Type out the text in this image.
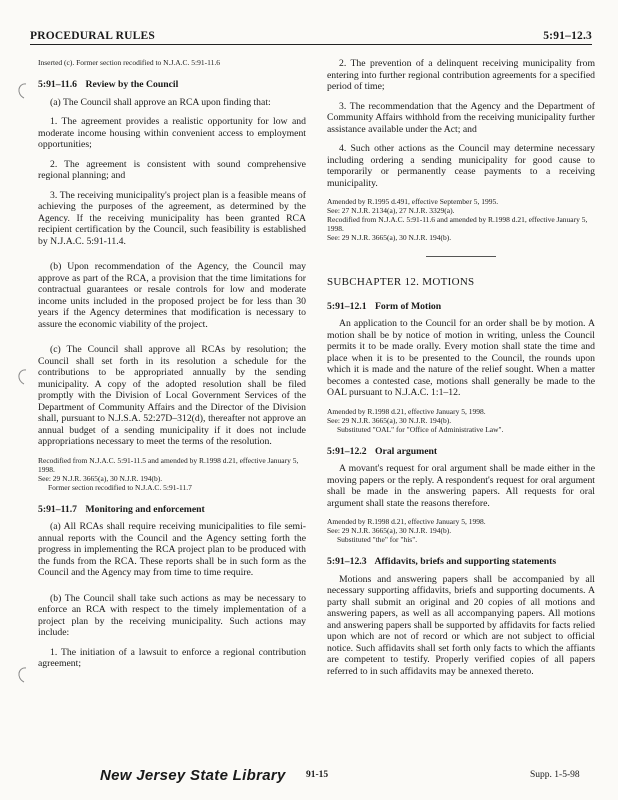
PROCEDURAL RULES	5:91–12.3
Inserted (c). Former section recodified to N.J.A.C. 5:91-11.6
5:91–11.6 Review by the Council

(a) The Council shall approve an RCA upon finding that:

1. The agreement provides a realistic opportunity for low and moderate income housing within convenient access to employment opportunities;

2. The agreement is consistent with sound comprehensive regional planning; and

3. The receiving municipality's project plan is a feasible means of achieving the purposes of the agreement, as determined by the Agency. If the receiving municipality has been granted RCA recipient certification by the Council, such feasibility is established by N.J.A.C. 5:91-11.4.

(b) Upon recommendation of the Agency, the Council may approve as part of the RCA, a provision that the time limitations for contractual guarantees or resale controls for low and moderate income units included in the proposed project be for less than 30 years if the Agency determines that modification is necessary to assure the economic viability of the project.

(c) The Council shall approve all RCAs by resolution; the Council shall set forth in its resolution a schedule for the contributions to be appropriated annually by the sending municipality. A copy of the adopted resolution shall be filed promptly with the Division of Local Government Services of the Department of Community Affairs and the Director of the Division shall, pursuant to N.J.S.A. 52:27D–312(d), thereafter not approve an annual budget of a sending municipality if it does not include appropriations necessary to meet the terms of the resolution.

Recodified from N.J.A.C. 5:91-11.5 and amended by R.1998 d.21, effective January 5, 1998.
See: 29 N.J.R. 3665(a), 30 N.J.R. 194(b).
Former section recodified to N.J.A.C. 5:91-11.7
5:91–11.7 Monitoring and enforcement

(a) All RCAs shall require receiving municipalities to file semi-annual reports with the Council and the Agency setting forth the progress in implementing the RCA project plan to be produced with the funds from the RCA. These reports shall be in such form as the Council and the Agency may from time to time require.

(b) The Council shall take such actions as may be necessary to enforce an RCA with respect to the timely implementation of a project plan by the receiving municipality. Such actions may include:

1. The initiation of a lawsuit to enforce a regional contribution agreement;

2. The prevention of a delinquent receiving municipality from entering into further regional contribution agreements for a specified period of time;

3. The recommendation that the Agency and the Department of Community Affairs withhold from the receiving municipality further assistance available under the Act; and

4. Such other actions as the Council may determine necessary including ordering a sending municipality for good cause to temporarily or permanently cease payments to a receiving municipality.

Amended by R.1995 d.491, effective September 5, 1995.
See: 27 N.J.R. 2134(a), 27 N.J.R. 3329(a).
Recodified from N.J.A.C. 5:91-11.6 and amended by R.1998 d.21, effective January 5, 1998.
See: 29 N.J.R. 3665(a), 30 N.J.R. 194(b).
SUBCHAPTER 12. MOTIONS
5:91–12.1 Form of Motion

An application to the Council for an order shall be by motion. A motion shall be by notice of motion in writing, unless the Council permits it to be made orally. Every motion shall state the time and place when it is to be presented to the Council, the rounds upon which it is made and the nature of the relief sought. When a matter becomes a contested case, motions shall generally be made to the OAL pursuant to N.J.A.C. 1:1–12.

Amended by R.1998 d.21, effective January 5, 1998.
See: 29 N.J.R. 3665(a), 30 N.J.R. 194(b).
Substituted "OAL" for "Office of Administrative Law".
5:91–12.2 Oral argument

A movant's request for oral argument shall be made either in the moving papers or the reply. A respondent's request for oral argument shall be made in the answering papers. All requests for oral argument shall state the reasons therefore.

Amended by R.1998 d.21, effective January 5, 1998.
See: 29 N.J.R. 3665(a), 30 N.J.R. 194(b).
Substituted "the" for "his".
5:91–12.3 Affidavits, briefs and supporting statements

Motions and answering papers shall be accompanied by all necessary supporting affidavits, briefs and supporting documents. A party shall submit an original and 20 copies of all motions and answering papers, as well as all accompanying papers. All motions and answering papers shall be supported by affidavits for facts relied upon which are not of record or which are not subject to official notice. Such affidavits shall set forth only facts to which the affiants are competent to testify. Properly verified copies of all papers referred to in such affidavits may be annexed thereto.

New Jersey State Library 91-15	Supp. 1-5-98
